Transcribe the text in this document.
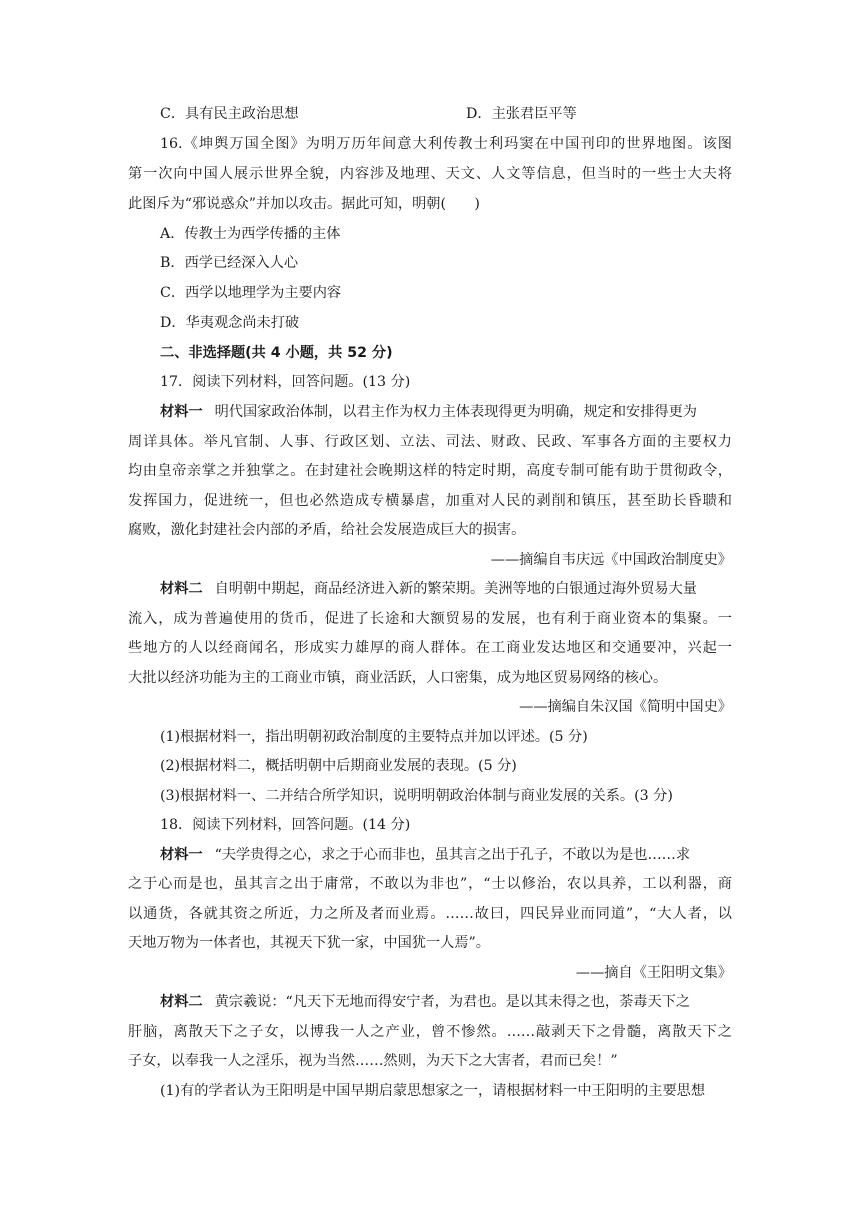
C．具有民主政治思想	D．主张君臣平等
16.《坤舆万国全图》为明万历年间意大利传教士利玛窦在中国刊印的世界地图。该图
第一次向中国人展示世界全貌，内容涉及地理、天文、人文等信息，但当时的一些士大夫将
此图斥为“邪说惑众”并加以攻击。据此可知，明朝(　　)
A．传教士为西学传播的主体
B．西学已经深入人心
C．西学以地理学为主要内容
D．华夷观念尚未打破
二、非选择题(共 4 小题，共 52 分)
17．阅读下列材料，回答问题。(13 分)
材料一 明代国家政治体制，以君主作为权力主体表现得更为明确，规定和安排得更为
周详具体。举凡官制、人事、行政区划、立法、司法、财政、民政、军事各方面的主要权力
均由皇帝亲掌之并独掌之。在封建社会晚期这样的特定时期，高度专制可能有助于贯彻政令，
发挥国力，促进统一，但也必然造成专横暴虐，加重对人民的剥削和镇压，甚至助长昏聩和
腐败，激化封建社会内部的矛盾，给社会发展造成巨大的损害。
——摘编自韦庆远《中国政治制度史》
材料二 自明朝中期起，商品经济进入新的繁荣期。美洲等地的白银通过海外贸易大量
流入，成为普遍使用的货币，促进了长途和大额贸易的发展，也有利于商业资本的集聚。一
些地方的人以经商闻名，形成实力雄厚的商人群体。在工商业发达地区和交通要冲，兴起一
大批以经济功能为主的工商业市镇，商业活跃，人口密集，成为地区贸易网络的核心。
——摘编自朱汉国《简明中国史》
(1)根据材料一，指出明朝初政治制度的主要特点并加以评述。(5 分)
(2)根据材料二，概括明朝中后期商业发展的表现。(5 分)
(3)根据材料一、二并结合所学知识，说明明朝政治体制与商业发展的关系。(3 分)
18．阅读下列材料，回答问题。(14 分)
材料一 “夫学贵得之心，求之于心而非也，虽其言之出于孔子，不敢以为是也……求
之于心而是也，虽其言之出于庸常，不敢以为非也”，“士以修治，农以具养，工以利器，商
以通货，各就其资之所近，力之所及者而业焉。……故曰，四民异业而同道”，“大人者，以
天地万物为一体者也，其视天下犹一家，中国犹一人焉”。
——摘自《王阳明文集》
材料二 黄宗羲说：“凡天下无地而得安宁者，为君也。是以其未得之也，荼毒天下之
肝脑，离散天下之子女，以博我一人之产业，曾不惨然。……敲剥天下之骨髓，离散天下之
子女，以奉我一人之淫乐，视为当然……然则，为天下之大害者，君而已矣！”
(1)有的学者认为王阳明是中国早期启蒙思想家之一，请根据材料一中王阳明的主要思想
